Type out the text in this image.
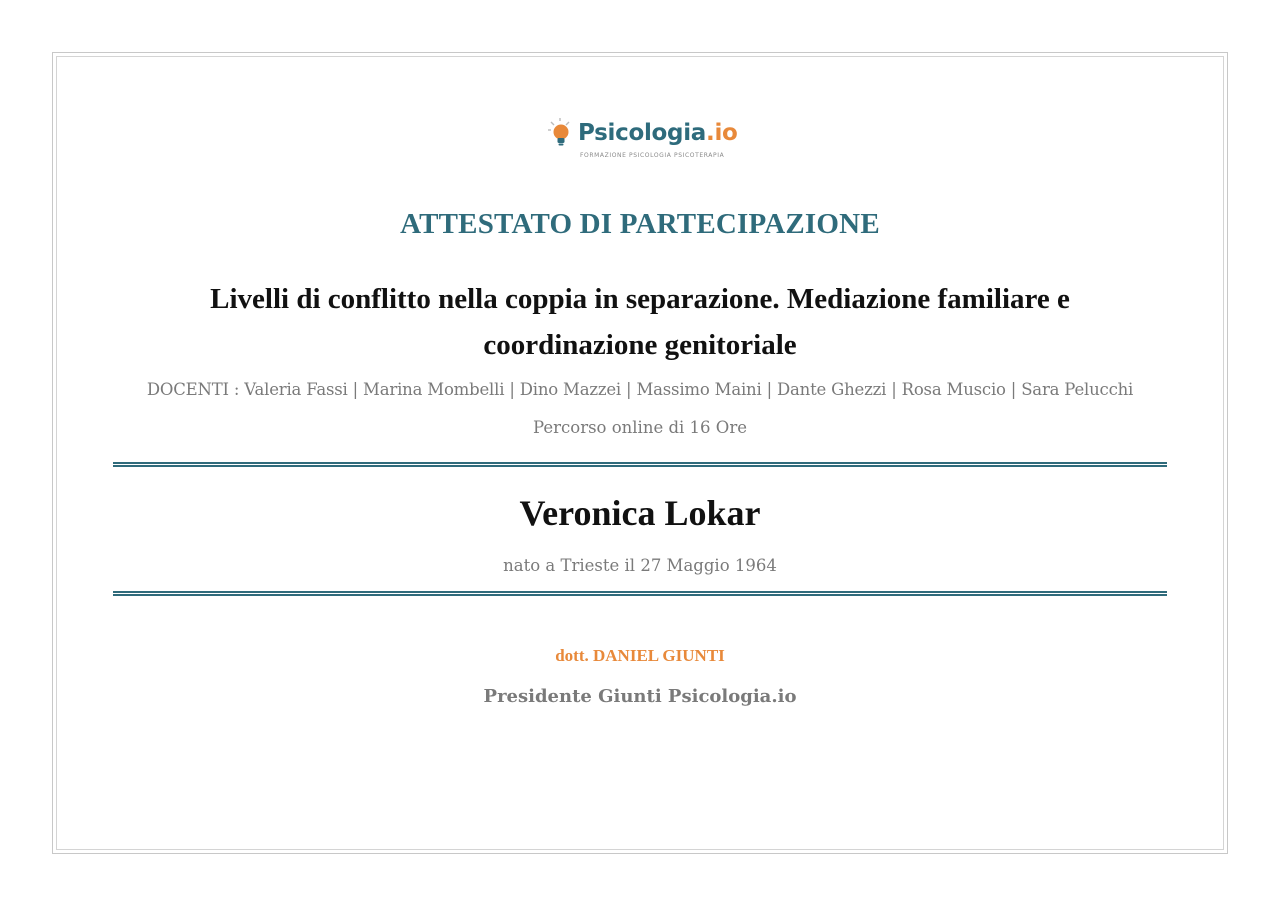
Psicologia.io
FORMAZIONE PSICOLOGIA PSICOTERAPIA
ATTESTATO DI PARTECIPAZIONE
Livelli di conflitto nella coppia in separazione. Mediazione familiare e coordinazione genitoriale
DOCENTI : Valeria Fassi | Marina Mombelli | Dino Mazzei | Massimo Maini | Dante Ghezzi | Rosa Muscio | Sara Pelucchi
Percorso online di 16 Ore
Veronica Lokar
nato a Trieste il 27 Maggio 1964
dott. DANIEL GIUNTI
Presidente Giunti Psicologia.io
